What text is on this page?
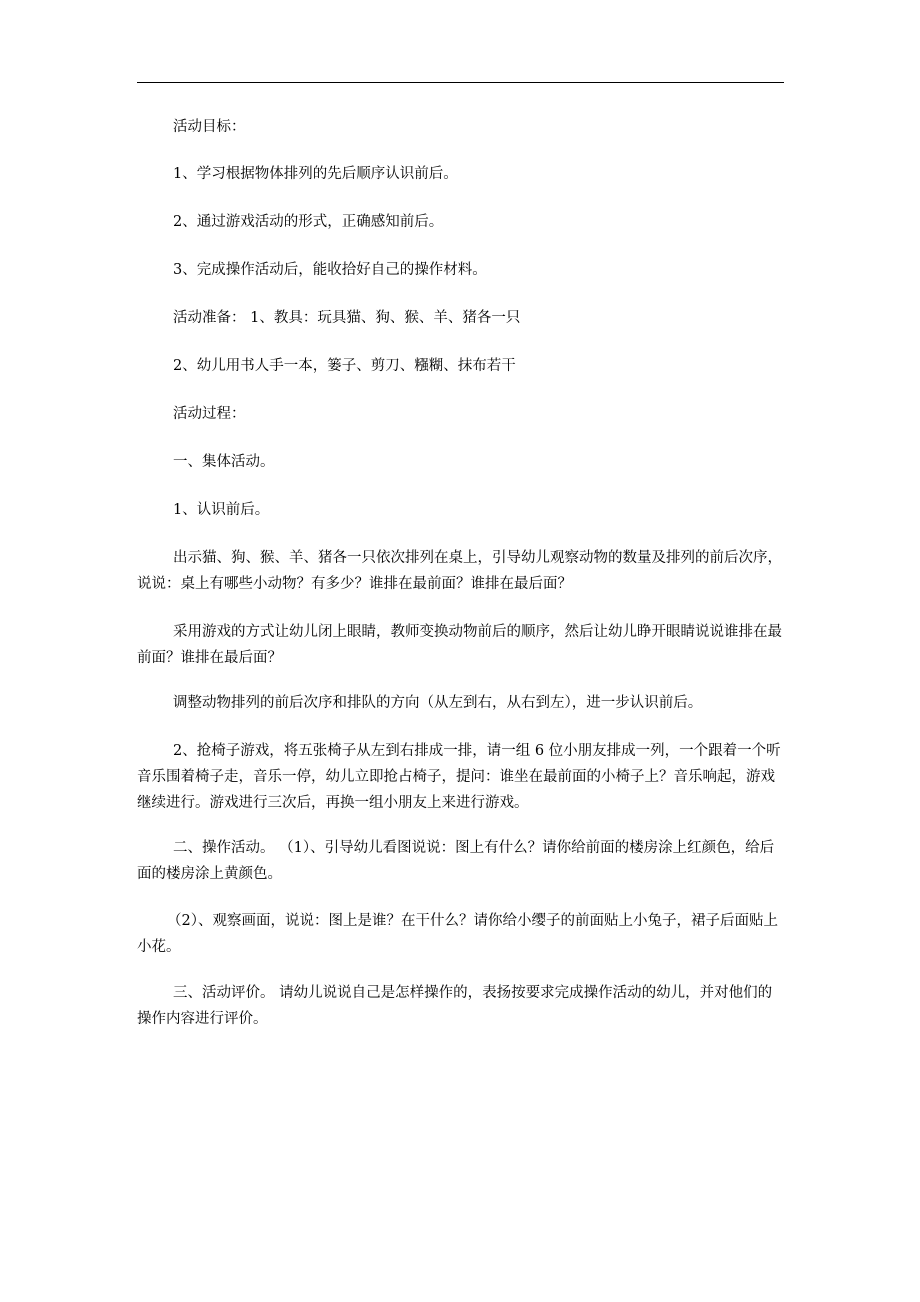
活动目标：

1、学习根据物体排列的先后顺序认识前后。

2、通过游戏活动的形式，正确感知前后。

3、完成操作活动后，能收拾好自己的操作材料。

活动准备： 1、教具：玩具猫、狗、猴、羊、猪各一只

2、幼儿用书人手一本，篓子、剪刀、糨糊、抹布若干

活动过程：

一、集体活动。

1、认识前后。

出示猫、狗、猴、羊、猪各一只依次排列在桌上，引导幼儿观察动物的数量及排列的前后次序，说说：桌上有哪些小动物？有多少？谁排在最前面？谁排在最后面？

采用游戏的方式让幼儿闭上眼睛，教师变换动物前后的顺序，然后让幼儿睁开眼睛说说谁排在最前面？谁排在最后面？

调整动物排列的前后次序和排队的方向（从左到右，从右到左），进一步认识前后。

2、抢椅子游戏，将五张椅子从左到右排成一排，请一组 6 位小朋友排成一列，一个跟着一个听音乐围着椅子走，音乐一停，幼儿立即抢占椅子，提问：谁坐在最前面的小椅子上？音乐响起，游戏继续进行。游戏进行三次后，再换一组小朋友上来进行游戏。

二、操作活动。 （1）、引导幼儿看图说说：图上有什么？请你给前面的楼房涂上红颜色，给后面的楼房涂上黄颜色。

（2）、观察画面，说说：图上是谁？在干什么？请你给小缨子的前面贴上小兔子，裙子后面贴上小花。

三、活动评价。 请幼儿说说自己是怎样操作的，表扬按要求完成操作活动的幼儿，并对他们的操作内容进行评价。
